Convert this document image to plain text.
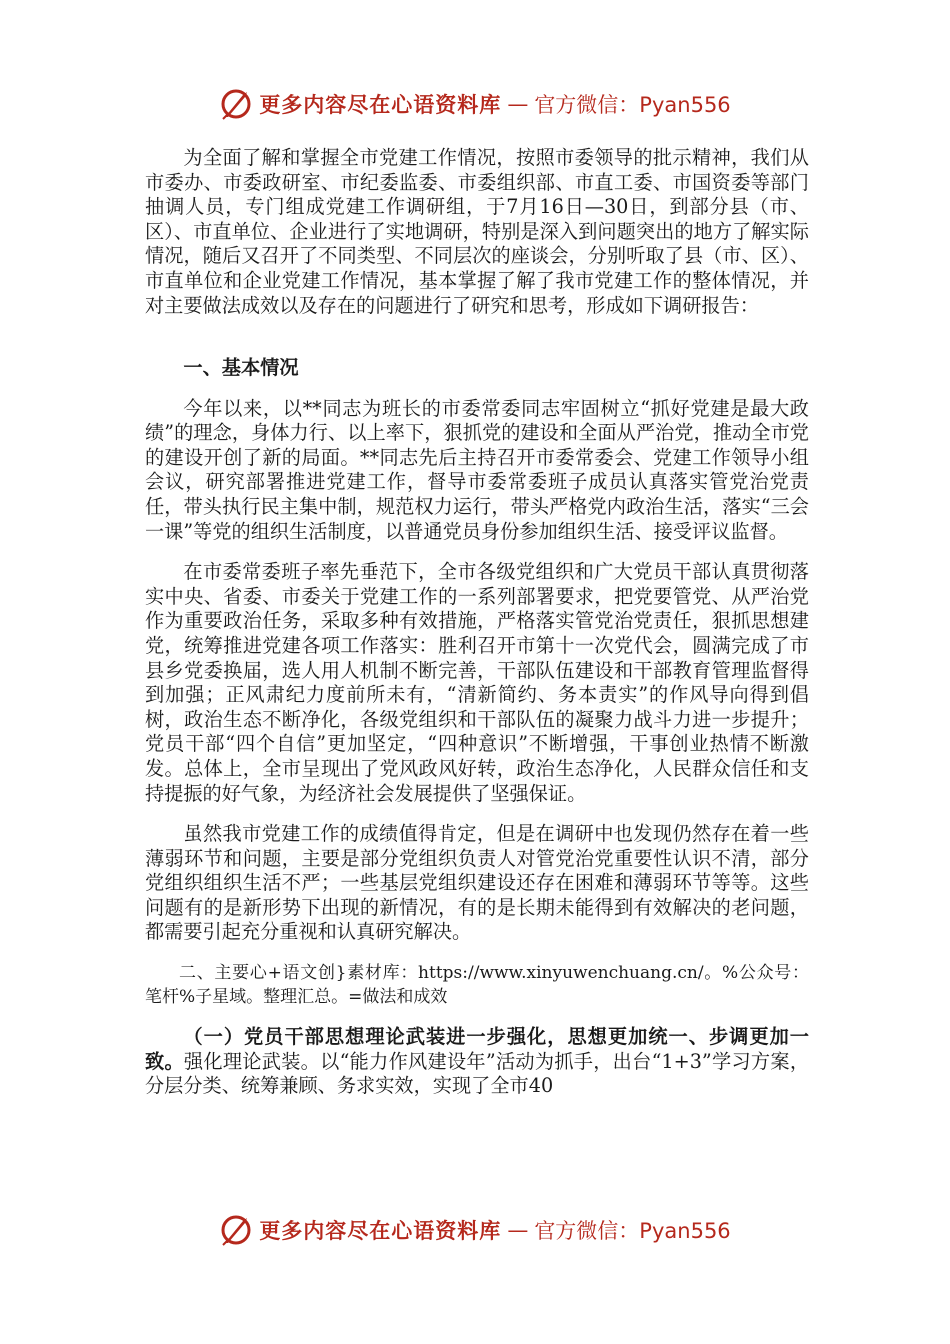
更多内容尽在心语资料库 — 官方微信：Pyan556

为全面了解和掌握全市党建工作情况，按照市委领导的批示精神，我们从市委办、市委政研室、市纪委监委、市委组织部、市直工委、市国资委等部门抽调人员，专门组成党建工作调研组，于7月16日—30日，到部分县（市、区）、市直单位、企业进行了实地调研，特别是深入到问题突出的地方了解实际情况，随后又召开了不同类型、不同层次的座谈会，分别听取了县（市、区）、市直单位和企业党建工作情况，基本掌握了解了我市党建工作的整体情况，并对主要做法成效以及存在的问题进行了研究和思考，形成如下调研报告：

一、基本情况

今年以来，以**同志为班长的市委常委同志牢固树立“抓好党建是最大政绩”的理念，身体力行、以上率下，狠抓党的建设和全面从严治党，推动全市党的建设开创了新的局面。**同志先后主持召开市委常委会、党建工作领导小组会议，研究部署推进党建工作，督导市委常委班子成员认真落实管党治党责任，带头执行民主集中制，规范权力运行，带头严格党内政治生活，落实“三会一课”等党的组织生活制度，以普通党员身份参加组织生活、接受评议监督。

在市委常委班子率先垂范下，全市各级党组织和广大党员干部认真贯彻落实中央、省委、市委关于党建工作的一系列部署要求，把党要管党、从严治党作为重要政治任务，采取多种有效措施，严格落实管党治党责任，狠抓思想建党，统筹推进党建各项工作落实：胜利召开市第十一次党代会，圆满完成了市县乡党委换届，选人用人机制不断完善，干部队伍建设和干部教育管理监督得到加强；正风肃纪力度前所未有，“清新简约、务本责实”的作风导向得到倡树，政治生态不断净化，各级党组织和干部队伍的凝聚力战斗力进一步提升；党员干部“四个自信”更加坚定，“四种意识”不断增强，干事创业热情不断激发。总体上，全市呈现出了党风政风好转，政治生态净化，人民群众信任和支持提振的好气象，为经济社会发展提供了坚强保证。

虽然我市党建工作的成绩值得肯定，但是在调研中也发现仍然存在着一些薄弱环节和问题，主要是部分党组织负责人对管党治党重要性认识不清，部分党组织组织生活不严；一些基层党组织建设还存在困难和薄弱环节等等。这些问题有的是新形势下出现的新情况，有的是长期未能得到有效解决的老问题，都需要引起充分重视和认真研究解决。

二、主要心+语文创}素材库：https://www.xinyuwenchuang.cn/。%公众号：笔杆%子星域。整理汇总。=做法和成效

（一）党员干部思想理论武装进一步强化，思想更加统一、步调更加一致。强化理论武装。以“能力作风建设年”活动为抓手，出台“1+3”学习方案，分层分类、统筹兼顾、务求实效，实现了全市40

更多内容尽在心语资料库 — 官方微信：Pyan556
